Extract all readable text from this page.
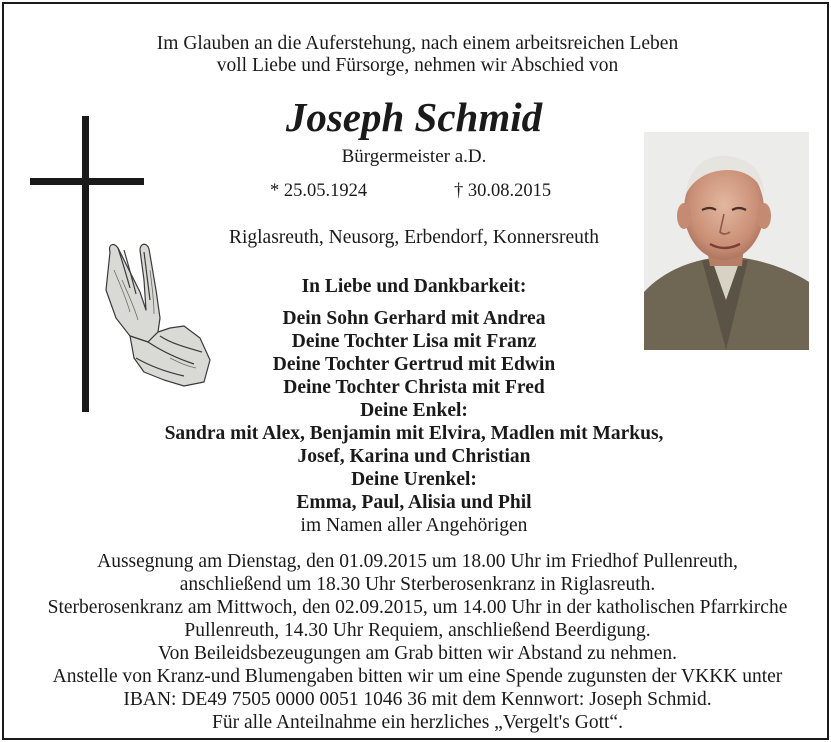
Im Glauben an die Auferstehung, nach einem arbeitsreichen Leben
voll Liebe und Fürsorge, nehmen wir Abschied von
Joseph Schmid
Bürgermeister a.D.
* 25.05.1924	† 30.08.2015
Riglasreuth, Neusorg, Erbendorf, Konnersreuth
In Liebe und Dankbarkeit:
Dein Sohn Gerhard mit Andrea
Deine Tochter Lisa mit Franz
Deine Tochter Gertrud mit Edwin
Deine Tochter Christa mit Fred
Deine Enkel:
Sandra mit Alex, Benjamin mit Elvira, Madlen mit Markus,
Josef, Karina und Christian
Deine Urenkel:
Emma, Paul, Alisia und Phil
im Namen aller Angehörigen
Aussegnung am Dienstag, den 01.09.2015 um 18.00 Uhr im Friedhof Pullenreuth,
anschließend um 18.30 Uhr Sterberosenkranz in Riglasreuth.
Sterberosenkranz am Mittwoch, den 02.09.2015, um 14.00 Uhr in der katholischen Pfarrkirche
Pullenreuth, 14.30 Uhr Requiem, anschließend Beerdigung.
Von Beileidsbezeugungen am Grab bitten wir Abstand zu nehmen.
Anstelle von Kranz-und Blumengaben bitten wir um eine Spende zugunsten der VKKK unter
IBAN: DE49 7505 0000 0051 1046 36 mit dem Kennwort: Joseph Schmid.
Für alle Anteilnahme ein herzliches „Vergelt's Gott“.
